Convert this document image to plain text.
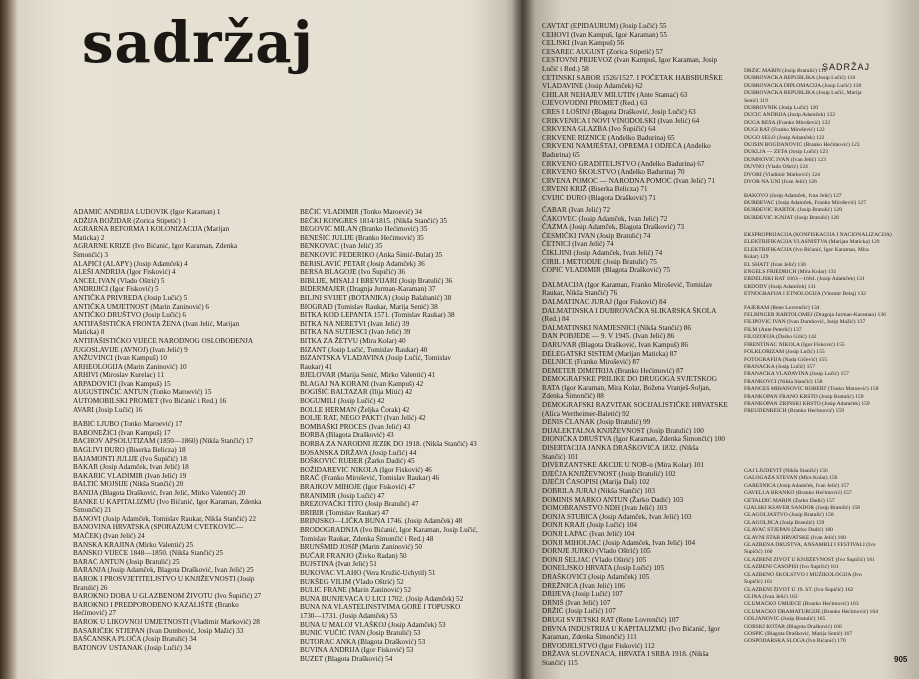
sadržaj
ADAMIĆ ANDRIJA LUDOVIK (Igor Karaman) 1
ADŽIJA BOŽIDAR (Zorica Stipetić) 1
AGRARNA REFORMA I KOLONIZACIJA (Marijan
Maticka) 2
AGRARNE KRIZE (Ivo Bićanić, Igor Karaman, Zdenka
Šimončić) 3
ALAPIĆI (ALAPY) (Josip Adamček) 4
ALEŠI ANDRIJA (Igor Fisković) 4
ANCEL IVAN (Vlado Oštrić) 5
ANDRIJIĆI (Igor Fisković) 5
ANTIČKA PRIVREDA (Josip Lučić) 5
ANTIČKA UMJETNOST (Marin Zaninović) 6
ANTIČKO DRUŠTVO (Josip Lučić) 6
ANTIFAŠISTIČKA FRONTA ŽENA (Ivan Jelić, Marijan
Maticka) 8
ANTIFAŠISTIČKO VIJEĆE NARODNOG OSLOBOĐENJA
JUGOSLAVIJE (AVNOJ) (Ivan Jelić) 9
ANŽUVINCI (Ivan Kampuš) 10
ARHEOLOGIJA (Marin Zaninović) 10
ARHIVI (Miroslav Kurelac) 11
ARPADOVIĆI (Ivan Kampuš) 15
AUGUSTINČIĆ ANTUN (Tonko Maroević) 15
AUTOMOBILSKI PROMET (Ivo Bićanić i Red.) 16
AVARI (Josip Lučić) 16
BABIĆ LJUBO (Tonko Maroević) 17
BABONEŽIĆI (Ivan Kampuš) 17
BACHOV APSOLUTIZAM (1850—1860) (Nikša Stančić) 17
BAGLIVI ĐURO (Biserka Belicza) 18
BAJAMONTI JULIJE (Ivo Šupičić) 18
BAKAR (Josip Adamček, Ivan Jelić) 18
BAKARIĆ VLADIMIR (Ivan Jelić) 19
BALTIĆ MOJSIJE (Nikša Stančić) 20
BANIJA (Blagota Drašković, Ivan Jelić, Mirko Valentić) 20
BANKE U KAPITALIZMU (Ivo Bićanić, Igor Karaman, Zdenka
Šimončić) 21
BANOVI (Josip Adamček, Tomislav Raukar, Nikša Stančić) 22
BANOVINA HRVATSKA (SPORAZUM CVETKOVIĆ—
MAČEK) (Ivan Jelić) 24
BANSKA KRAJINA (Mirko Valentić) 25
BANSKO VIJEĆE 1848—1850. (Nikša Stančić) 25
BARAĆ ANTUN (Josip Bratulić) 25
BARANJA (Josip Adamček, Blagota Drašković, Ivan Jelić) 25
BAROK I PROSVJETITELJSTVO U KNJIŽEVNOSTI (Josip
Bratulić) 26
BAROKNO DOBA U GLAZBENOM ŽIVOTU (Ivo Šupičić) 27
BAROKNO I PREDPOROĐENO KAZALIŠTE (Branko
Hećimović) 27
BAROK U LIKOVNOJ UMJETNOSTI (Vladimir Marković) 28
BASARIČEK STJEPAN (Ivan Dumbović, Josip Mažić) 33
BAŠČANSKA PLOČA (Josip Bratulić) 34
BATONOV USTANAK (Josip Lučić) 34
BEČIĆ VLADIMIR (Tonko Maroević) 34
BEČKI KONGRES 1814/1815. (Nikša Stančić) 35
BEGOVIĆ MILAN (Branko Hećimović) 35
BENEŠIĆ JULIJE (Branko Hećimović) 35
BENKOVAC (Ivan Jelić) 35
BENKOVIĆ FEDERIKO (Anka Šimić-Bulat) 35
BERISLAVIĆ PETAR (Josip Adamček) 36
BERSA BLAGOJE (Ivo Šupičić) 36
BIBLIJE, MISALI I BREVIJARI (Josip Bratulić) 36
BIDERMAJER (Dragnja Jurman-Karaman) 37
BILJNI SVIJET (BOTANIKA) (Josip Balabanić) 38
BIOGRAD (Tomislav Raukar, Marija Senić) 38
BITKA KOD LEPANTA 1571. (Tomislav Raukar) 38
BITKA NA NERETVI (Ivan Jelić) 39
BITKA NA SUTJESCI (Ivan Jelić) 39
BITKA ZA ŽETVU (Mira Kolar) 40
BIZANT (Josip Lučić, Tomislav Raukar) 40
BIZANTSKA VLADAVINA (Josip Lučić, Tomislav
Raukar) 41
BJELOVAR (Marija Senić, Mirko Valentić) 41
BLAGAJ NA KORANI (Ivan Kampuš) 42
BOGIŠIĆ BALTAZAR (Ilija Mitić) 42
BOGUMILI (Josip Lučić) 42
BOLLE HERMAN (Željka Čorak) 42
BOLJE RAT, NEGO PAKT! (Ivan Jelić) 42
BOMBAŠKI PROCES (Ivan Jelić) 43
BORBA (Blagota Drašković) 43
BORBA ZA NARODNI JEZIK DO 1918. (Nikša Stančić) 43
BOSANSKA DRŽAVA (Josip Lučić) 44
BOŠKOVIĆ RUĐER (Žarko Dadić) 45
BOŽIDAREVIĆ NIKOLA (Igor Fisković) 46
BRAČ (Franko Mirošević, Tomislav Raukar) 46
BRAJKOV MIHOJE (Igor Fisković) 47
BRANIMIR (Josip Lučić) 47
BREZOVAČKI TITO (Josip Bratulić) 47
BRIBIR (Tomislav Raukar) 47
BRINJSKO—LIČKA BUNA 1746. (Josip Adamček) 48
BRODOGRADNJA (Ivo Bićanić, Igor Karaman, Josip Lučić,
Tomislav Raukar, Zdenka Šimončić i Red.) 48
BRUNŠMID JOSIP (Marin Zaninović) 50
BUČAR FRANJO (Živko Radan) 50
BUJSTINA (Ivan Jelić) 51
BUKOVAC VLAHO (Vera Kružić-Uchytil) 51
BUKŠEG VILIM (Vlado Oštrić) 52
BULIĆ FRANE (Marin Zaninović) 52
BUNA BUNJEVACA U LICI 1702. (Josip Adamček) 52
BUNA NA VLASTELINSTVIMA GORE I TOPUSKO
1730—1731. (Josip Adamček) 53
BUNA U MALOJ VLAŠKOJ (Josip Adamček) 53
BUNIĆ VUČIĆ IVAN (Josip Bratulić) 53
BUTORAC ANKA (Blagota Drašković) 53
BUVINA ANDRIJA (Igor Fisković) 53
BUZET (Blagota Drašković) 54
SADRŽAJ
CAVTAT (EPIDAURUM) (Josip Lučić) 55
CEHOVI (Ivan Kampuš, Igor Karaman) 55
CELJSKI (Ivan Kampuš) 56
CESAREC AUGUST (Zorica Stipetić) 57
CESTOVNI PRIJEVOZ (Ivan Kampuš, Igor Karaman, Josip
Lučić i Red.) 58
CETINSKI SABOR 1526/1527. I POČETAK HABSBURŠKE
VLADAVINE (Josip Adamček) 62
CHILAR NEHAJEV MILUTIN (Ante Stamać) 63
CJEVOVODNI PROMET (Red.) 63
CRES I LOŠINJ (Blagota Drašković, Josip Lučić) 63
CRIKVENICA I NOVI VINODOLSKI (Ivan Jelić) 64
CRKVENA GLAZBA (Ivo Šupičić) 64
CRKVENE RIZNICE (Anđelko Badurina) 65
CRKVENI NAMJEŠTAJ, OPREMA I ODJEĆA (Anđelko
Badurina) 65
CRKVENO GRADITELJSTVO (Anđelko Badurina) 67
CRKVENO ŠKOLSTVO (Anđelko Badurina) 70
CRVENA POMOĆ — NARODNA POMOĆ (Ivan Jelić) 71
CRVENI KRIŽ (Biserka Belicza) 71
CVIJIĆ ĐURO (Blagota Drašković) 71
ČABAR (Ivan Jelić) 72
ČAKOVEC (Josip Adamček, Ivan Jelić) 72
ČAZMA (Josip Adamček, Blagota Drašković) 73
ČESMIČKI IVAN (Josip Bratulić) 74
ČETNICI (Ivan Jelić) 74
ČIKLJINI (Josip Adamček, Ivan Jelić) 74
ĆIRIL I METODIJE (Josip Bratulić) 75
ĆOPIĆ VLADIMIR (Blagota Drašković) 75
DALMACIJA (Igor Karaman, Franko Mirošević, Tomislav
Raukar, Nikša Stančić) 76
DALMATINAC JURAJ (Igor Fisković) 84
DALMATINSKA I DUBROVAČKA SLIKARSKA ŠKOLA
(Red.) 84
DALMATINSKI NAMJESNICI (Nikša Stančić) 86
DAN POBJEDE — 9. V 1945. (Ivan Jelić) 86
DARUVAR (Blagota Drašković, Ivan Kampuš) 86
DELEGATSKI SISTEM (Marijan Maticka) 87
DELNICE (Franko Mirošević) 87
DEMETER DIMITRIJA (Branko Hećimović) 87
DEMOGRAFSKE PRILIKE DO DRUGOGA SVJETSKOG
RATA (Igor Karaman, Mira Kolar, Božena Vranješ-Šoljan,
Zdenka Šimončić) 88
DEMOGRAFSKI RAZVITAK SOCIJALISTIČKE HRVATSKE
(Alica Wertheimer-Baletić) 92
DENIS ČLANAK (Josip Bratulić) 99
DIJALEKTALNA KNJIŽEVNOST (Josip Bratulić) 100
DIONIČKA DRUŠTVA (Igor Karaman, Zdenka Šimončić) 100
DISERTACIJA JANKA DRAŠKOVIĆA 1832. (Nikša
Stančić) 101
DIVERZANTSKE AKCIJE U NOB-u (Mira Kolar) 101
DJEČJA KNJIŽEVNOST (Josip Bratulić) 102
DJEČJI ČASOPISI (Marija Daš) 102
DOBRILA JURAJ (Nikša Stančić) 103
DOMINIS MARKO ANTUN (Žarko Dadić) 103
DOMOBRANSTVO NDH (Ivan Jelić) 103
DONJA STUBICA (Josip Adamček, Ivan Jelić) 103
DONJI KRAJI (Josip Lučić) 104
DONJI LAPAC (Ivan Jelić) 104
DONJI MIHOLJAC (Josip Adamček, Ivan Jelić) 104
DORNJE JURKO (Vlado Oštrić) 105
DONJI ŠELJAC (Vlado Oštrić) 105
DONELJSKO HRVATA (Josip Lučić) 105
DRAŠKOVIĆI (Josip Adamček) 105
DREŽNICA (Ivan Jelić) 106
DRIJEVA (Josip Lučić) 107
DRNIŠ (Ivan Jelić) 107
DRŽIĆ (Josip Lučić) 107
DRUGI SVJETSKI RAT (Rene Lovrenčić) 107
DRVNA INDUSTRIJA U KAPITALIZMU (Ivo Bićanić, Igor
Karaman, Zdenka Šimončić) 111
DRVODJELSTVO (Igor Fisković) 112
DRŽAVA SLOVENACA, HRVATA I SRBA 1918. (Nikša
Stančić) 115
DRŽIĆ MARIN (Josip Bratulić) 115
DUBROVAČKA REPUBLIKA (Josip Lučić) 116
DUBROVAČKA DIPLOMACIJA (Josip Lučić) 118
DUBROVAČKA REPUBLIKA (Josip Lučić, Marija
Senić) 119
DUBROVNIK (Josip Lučić) 120
DUČIĆ ANDRIJA (Josip Adamček) 122
DUGA REŠA (Franko Mirošević) 122
DUGI RAT (Franko Mirošević) 122
DUGO SELO (Josip Adamček) 122
DUJŠIN BOGDANOVIĆ (Branko Hećimović) 123
DUKLJA — ZETA (Josip Lučić) 123
DUMNOVIĆ IVAN (Ivan Jelić) 123
DUVNO (Vlado Oštrić) 124
DVORI (Vladimir Marković) 124
DVOR NA UNI (Ivan Jelić) 126
ĐAKOVO (Josip Adamček, Ivan Jelić) 127
ĐURĐEVAC (Josip Adamček, Franko Mirošević) 127
ĐURĐEVIĆ BARTOL (Josip Bratulić) 128
ĐURĐEVIĆ IGNJAT (Josip Bratulić) 128
EKSPROPRIJACIJA (KONFISKACIJA I NACIONALIZACIJA)
ELEKTRIFIKACIJA VLASNIŠTVA (Marijan Maticka) 129
ELEKTRIFIKACIJA (Ivo Bićanić, Igor Karaman, Mira
Kolar) 129
EL SHATT (Ivan Jelić) 130
ENGELS FRIEDRICH (Mira Kolar) 131
ERDELJSKI RAT 1663—1664. (Josip Adamček) 131
ERDŐDY (Josip Adamček) 131
ETNOGRAFIJA I ETNOLOGIJA (Vitomir Belaj) 132
FAJERAM (Rene Lovrenčić) 134
FELBINGER BARTOLOMEJ (Dragnja Jurman-Karaman) 136
FILIPOVIĆ IVAN (Ivan Dumbović, Josip Mažić) 137
FILM (Ante Peterlić) 137
FILOZOFIJA (Darko Grlić) 142
FIRENTINAC NIKOLA (Igor Fisković) 155
FOLKLORIZAM (Josip Lučić) 155
FOTOGRAFIJA (Nada Grčević) 155
FRANAČKA (Josip Lučić) 157
FRANAČKA VLADAVINA (Josip Lučić) 157
FRANKOVCI (Nikša Stančić) 158
FRANGEŠ MIHANOVIĆ ROBERT (Tonko Maroević) 158
FRANKOPAN FRANO KRSTO (Josip Bratulić) 159
FRANKOPAN ZRINSKI KRSTO (Josip Adamček) 159
FREUDENREICH (Branko Hećimović) 159
GAJ LJUDEVIT (Nikša Stančić) 156
GALOGAŽA STEVAN (Mira Kolar) 156
GAREŠNICA (Josip Adamček, Ivan Jelić) 157
GAVELLA BRANKO (Branko Hećimović) 157
GETALDIĆ MARIN (Žarko Dadić) 157
GJALSKI KSAVER ŠANDOR (Josip Bratulić) 158
GLAGOLJAŠTVO (Josip Bratulić) 158
GLAGOLJICA (Josip Bratulić) 159
GLAVAČ STJEPAN (Žarko Dadić) 160
GLAVNI ŠTAB HRVATSKE (Ivan Jelić) 160
GLAZBENA DRUŠTVA, ANSAMBLI I FESTIVALI (Ivo
Šupičić) 160
GLAZBENI ŽIVOT U KNJIŽEVNOST (Ivo Šupičić) 161
GLAZBENI ČASOPISI (Ivo Šupičić) 161
GLAZBENO ŠKOLSTVO I MUZIKOLOGIJA (Ivo
Šupičić) 161
GLAZBENI ŽIVOT U 19. ST. (Ivo Šupičić) 162
GLINA (Ivan Jelić) 163
GLUMAČKO UMIJEĆE (Branko Hećimović) 163
GLUMAČKO DRAMATURGIJE (Branko Hećimović) 164
GOLJANOVIĆ (Josip Bratulić) 165
GORSKI KOTAR (Blagota Drašković) 166
GOSPIĆ (Blagota Drašković, Marija Senić) 167
GOSPODARSKA SLOGA (Ivo Bićanić) 170
905
